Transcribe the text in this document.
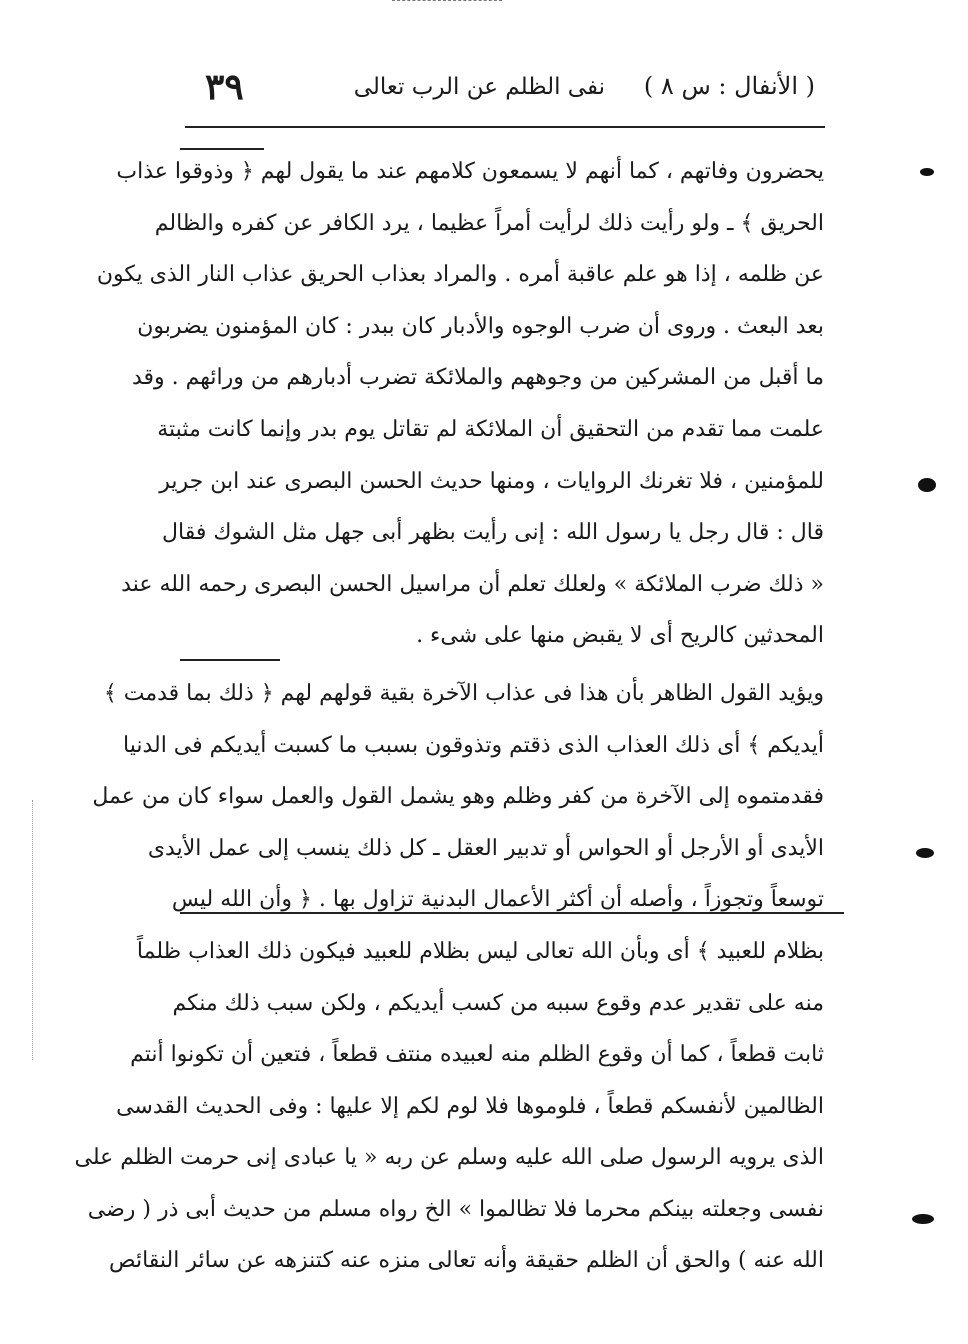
( الأنفال : س ٨ )
نفى الظلم عن الرب تعالى
٣٩
يحضرون وفاتهم ، كما أنهم لا يسمعون كلامهم عند ما يقول لهم ﴿ وذوقوا عذاب
الحريق ﴾ ـ ولو رأيت ذلك لرأيت أمراً عظيما ، يرد الكافر عن كفره والظالم
عن ظلمه ، إذا هو علم عاقبة أمره . والمراد بعذاب الحريق عذاب النار الذى يكون
بعد البعث . وروى أن ضرب الوجوه والأدبار كان ببدر : كان المؤمنون يضربون
ما أقبل من المشركين من وجوههم والملائكة تضرب أدبارهم من ورائهم . وقد
علمت مما تقدم من التحقيق أن الملائكة لم تقاتل يوم بدر وإنما كانت مثبتة
للمؤمنين ، فلا تغرنك الروايات ، ومنها حديث الحسن البصرى عند ابن جرير
قال : قال رجل يا رسول الله : إنى رأيت بظهر أبى جهل مثل الشوك فقال
« ذلك ضرب الملائكة » ولعلك تعلم أن مراسيل الحسن البصرى رحمه الله عند
المحدثين كالريح أى لا يقبض منها على شىء .
ويؤيد القول الظاهر بأن هذا فى عذاب الآخرة بقية قولهم لهم ﴿ ذلك بما قدمت ﴾
أيديكم ﴾ أى ذلك العذاب الذى ذقتم وتذوقون بسبب ما كسبت أيديكم فى الدنيا
فقدمتموه إلى الآخرة من كفر وظلم وهو يشمل القول والعمل سواء كان من عمل
الأيدى أو الأرجل أو الحواس أو تدبير العقل ـ كل ذلك ينسب إلى عمل الأيدى
توسعاً وتجوزاً ، وأصله أن أكثر الأعمال البدنية تزاول بها . ﴿ وأن الله ليس
بظلام للعبيد ﴾ أى وبأن الله تعالى ليس بظلام للعبيد فيكون ذلك العذاب ظلماً
منه على تقدير عدم وقوع سببه من كسب أيديكم ، ولكن سبب ذلك منكم
ثابت قطعاً ، كما أن وقوع الظلم منه لعبيده منتف قطعاً ، فتعين أن تكونوا أنتم
الظالمين لأنفسكم قطعاً ، فلوموها فلا لوم لكم إلا عليها : وفى الحديث القدسى
الذى يرويه الرسول صلى الله عليه وسلم عن ربه « يا عبادى إنى حرمت الظلم على
نفسى وجعلته بينكم محرما فلا تظالموا » الخ رواه مسلم من حديث أبى ذر ( رضى
الله عنه ) والحق أن الظلم حقيقة وأنه تعالى منزه عنه كتنزهه عن سائر النقائص
